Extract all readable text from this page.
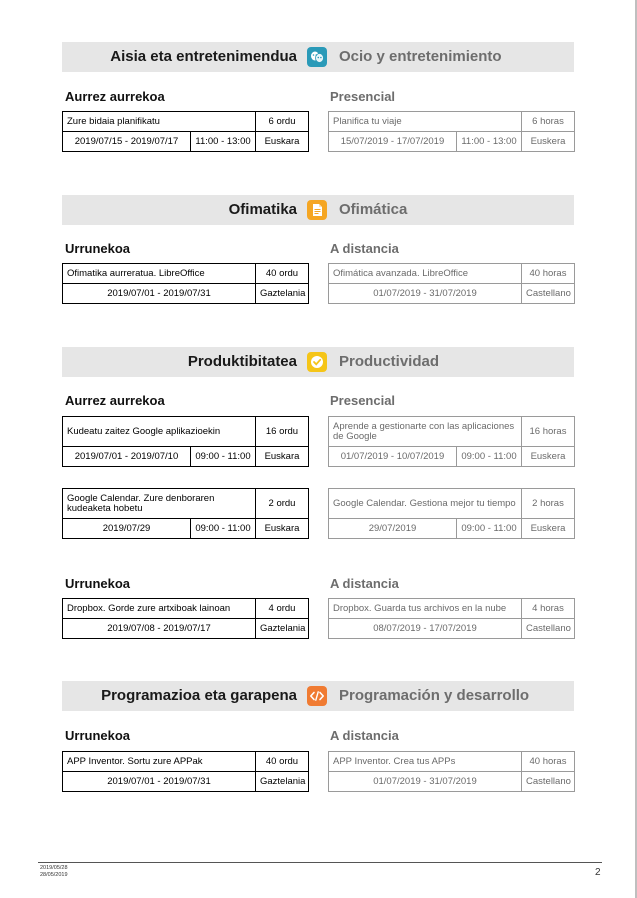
Aisia eta entretenimendua	Ocio y entretenimiento
Aurrez aurrekoa	Presencial
Zure bidaia planifikatu		6 ordu
2019/07/15 - 2019/07/17	11:00 - 13:00	Euskara
Planifica tu viaje		6 horas
15/07/2019 - 17/07/2019	11:00 - 13:00	Euskera
Ofimatika	Ofimática
Urrunekoa	A distancia
Ofimatika aurreratua. LibreOffice	40 ordu
2019/07/01 - 2019/07/31	Gaztelania
Ofimática avanzada. LibreOffice	40 horas
01/07/2019 - 31/07/2019	Castellano
Produktibitatea	Productividad
Aurrez aurrekoa	Presencial
Kudeatu zaitez Google aplikazioekin		16 ordu
2019/07/01 - 2019/07/10	09:00 - 11:00	Euskara
Aprende a gestionarte con las aplicaciones de Google		16 horas
01/07/2019 - 10/07/2019	09:00 - 11:00	Euskera
Google Calendar. Zure denboraren kudeaketa hobetu		2 ordu
2019/07/29	09:00 - 11:00	Euskara
Google Calendar. Gestiona mejor tu tiempo		2 horas
29/07/2019	09:00 - 11:00	Euskera
Urrunekoa	A distancia
Dropbox. Gorde zure artxiboak lainoan	4 ordu
2019/07/08 - 2019/07/17	Gaztelania
Dropbox. Guarda tus archivos en la nube	4 horas
08/07/2019 - 17/07/2019	Castellano
Programazioa eta garapena	Programación y desarrollo
Urrunekoa	A distancia
APP Inventor. Sortu zure APPak	40 ordu
2019/07/01 - 2019/07/31	Gaztelania
APP Inventor. Crea tus APPs	40 horas
01/07/2019 - 31/07/2019	Castellano
2019/05/28
28/05/2019	2
